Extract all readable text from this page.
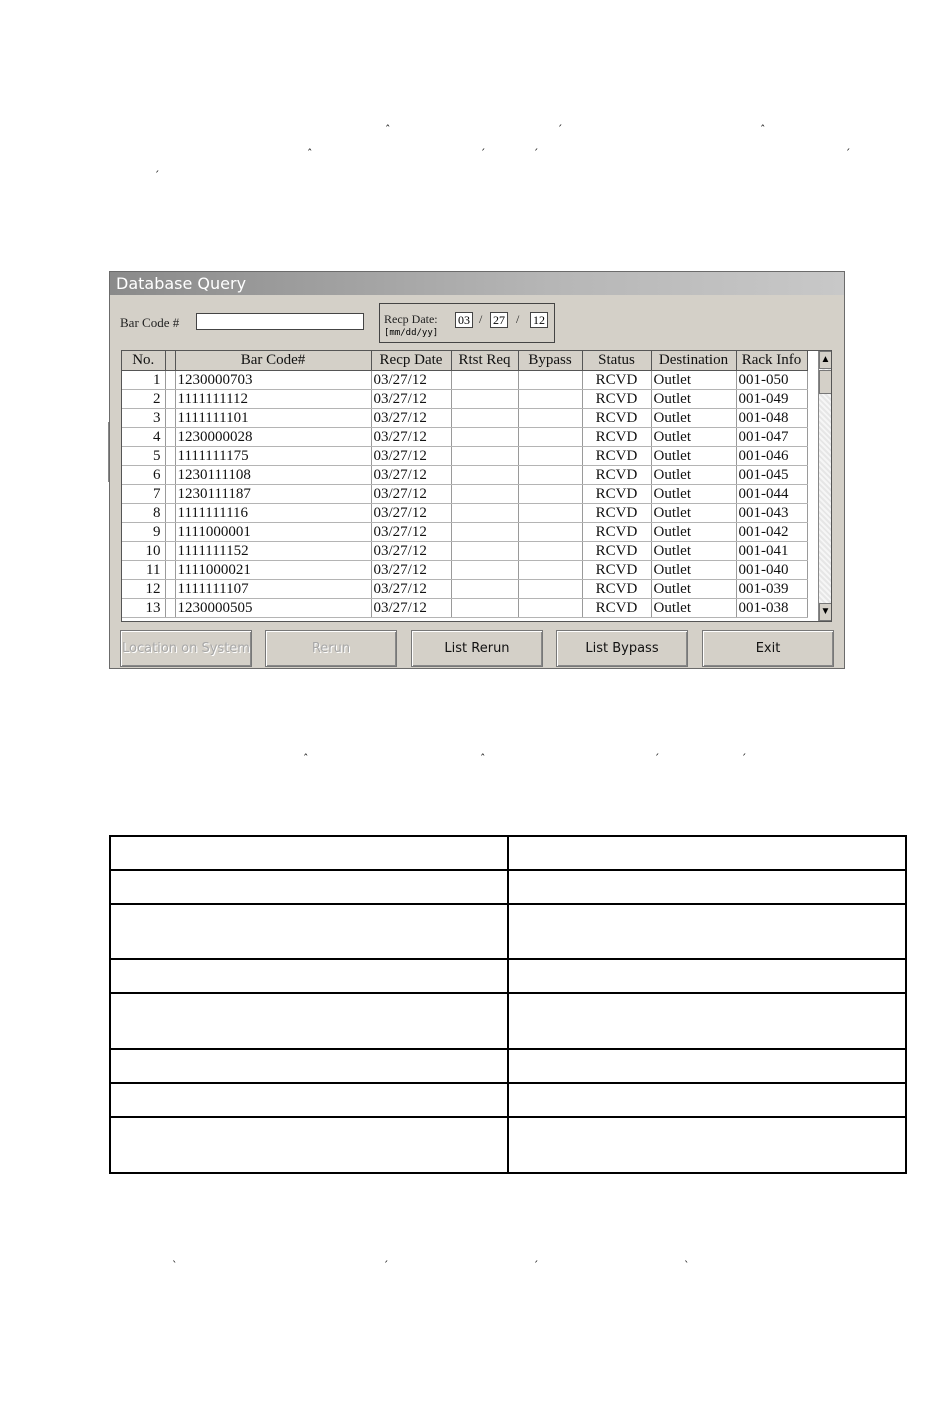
ˆ	ˊ	ˆ
ˆ	ˊ	ˊ	ˊ
ˊ
ˆ	ˆ	ˊ	ˊ
ˋ	ˊ	ˊ	ˋ
Database Query
Bar Code #	Recp Date:
03	/
27	/
12
[mm/dd/yy]
No.		Bar Code#	Recp Date	Rtst Req	Bypass	Status	Destination	Rack Info
1		1230000703	03/27/12			RCVD	Outlet	001-050
2		1111111112	03/27/12			RCVD	Outlet	001-049
3		1111111101	03/27/12			RCVD	Outlet	001-048
4		1230000028	03/27/12			RCVD	Outlet	001-047
5		1111111175	03/27/12			RCVD	Outlet	001-046
6		1230111108	03/27/12			RCVD	Outlet	001-045
7		1230111187	03/27/12			RCVD	Outlet	001-044
8		1111111116	03/27/12			RCVD	Outlet	001-043
9		1111000001	03/27/12			RCVD	Outlet	001-042
10		1111111152	03/27/12			RCVD	Outlet	001-041
11		1111000021	03/27/12			RCVD	Outlet	001-040
12		1111111107	03/27/12			RCVD	Outlet	001-039
13		1230000505	03/27/12			RCVD	Outlet	001-038
▲
▼
Location on System	Rerun	List Rerun	List Bypass	Exit
